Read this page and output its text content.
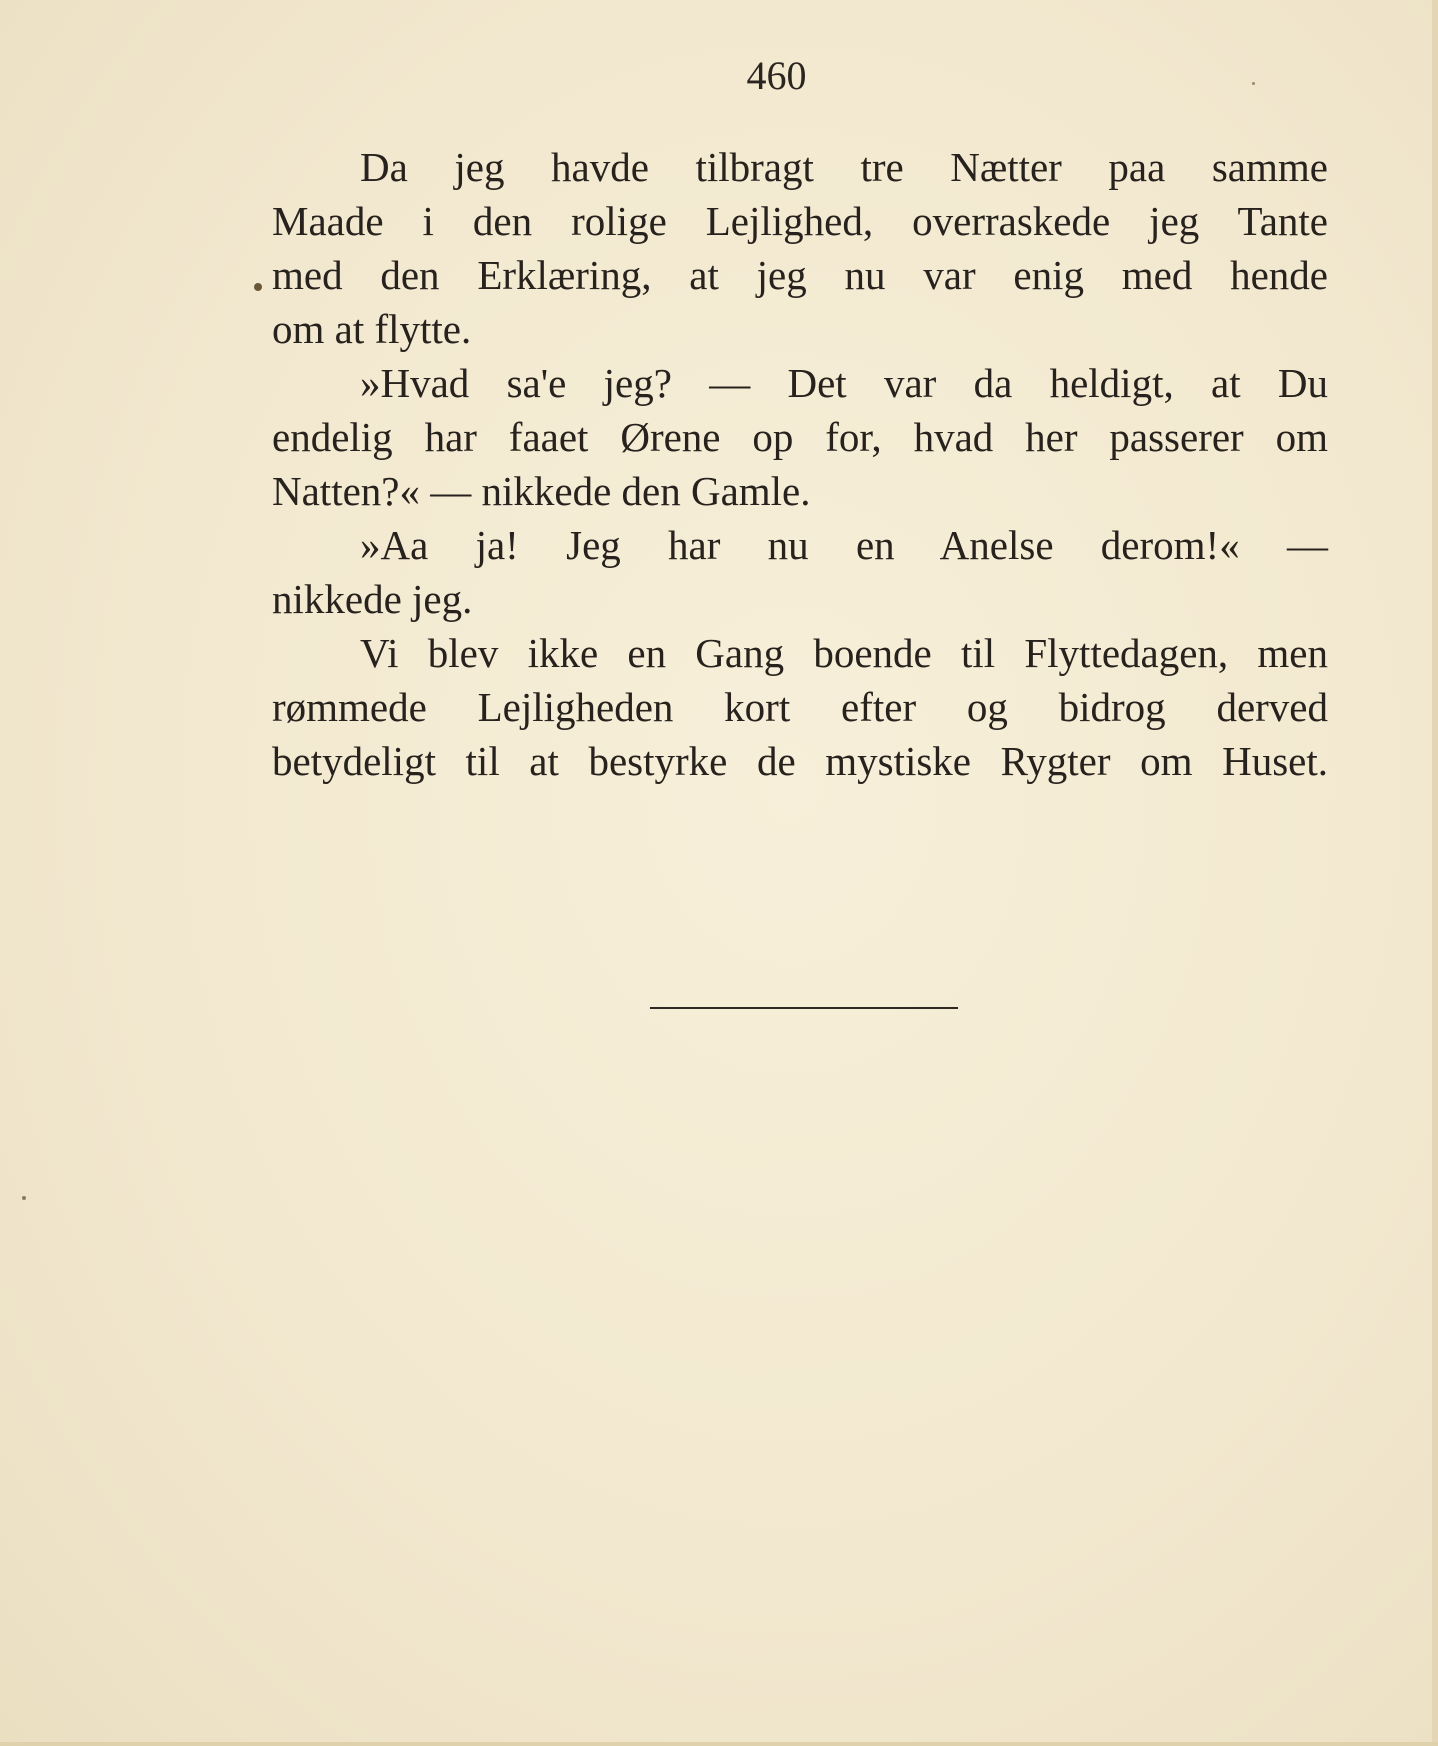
460

Da jeg havde tilbragt tre Nætter paa samme
Maade i den rolige Lejlighed, overraskede jeg Tante
med den Erklæring, at jeg nu var enig med hende
om at flytte.

»Hvad sa'e jeg? — Det var da heldigt, at Du
endelig har faaet Ørene op for, hvad her passerer om
Natten?« — nikkede den Gamle.

»Aa ja! Jeg har nu en Anelse derom!« —
nikkede jeg.

Vi blev ikke en Gang boende til Flyttedagen, men
rømmede Lejligheden kort efter og bidrog derved
betydeligt til at bestyrke de mystiske Rygter om Huset.
